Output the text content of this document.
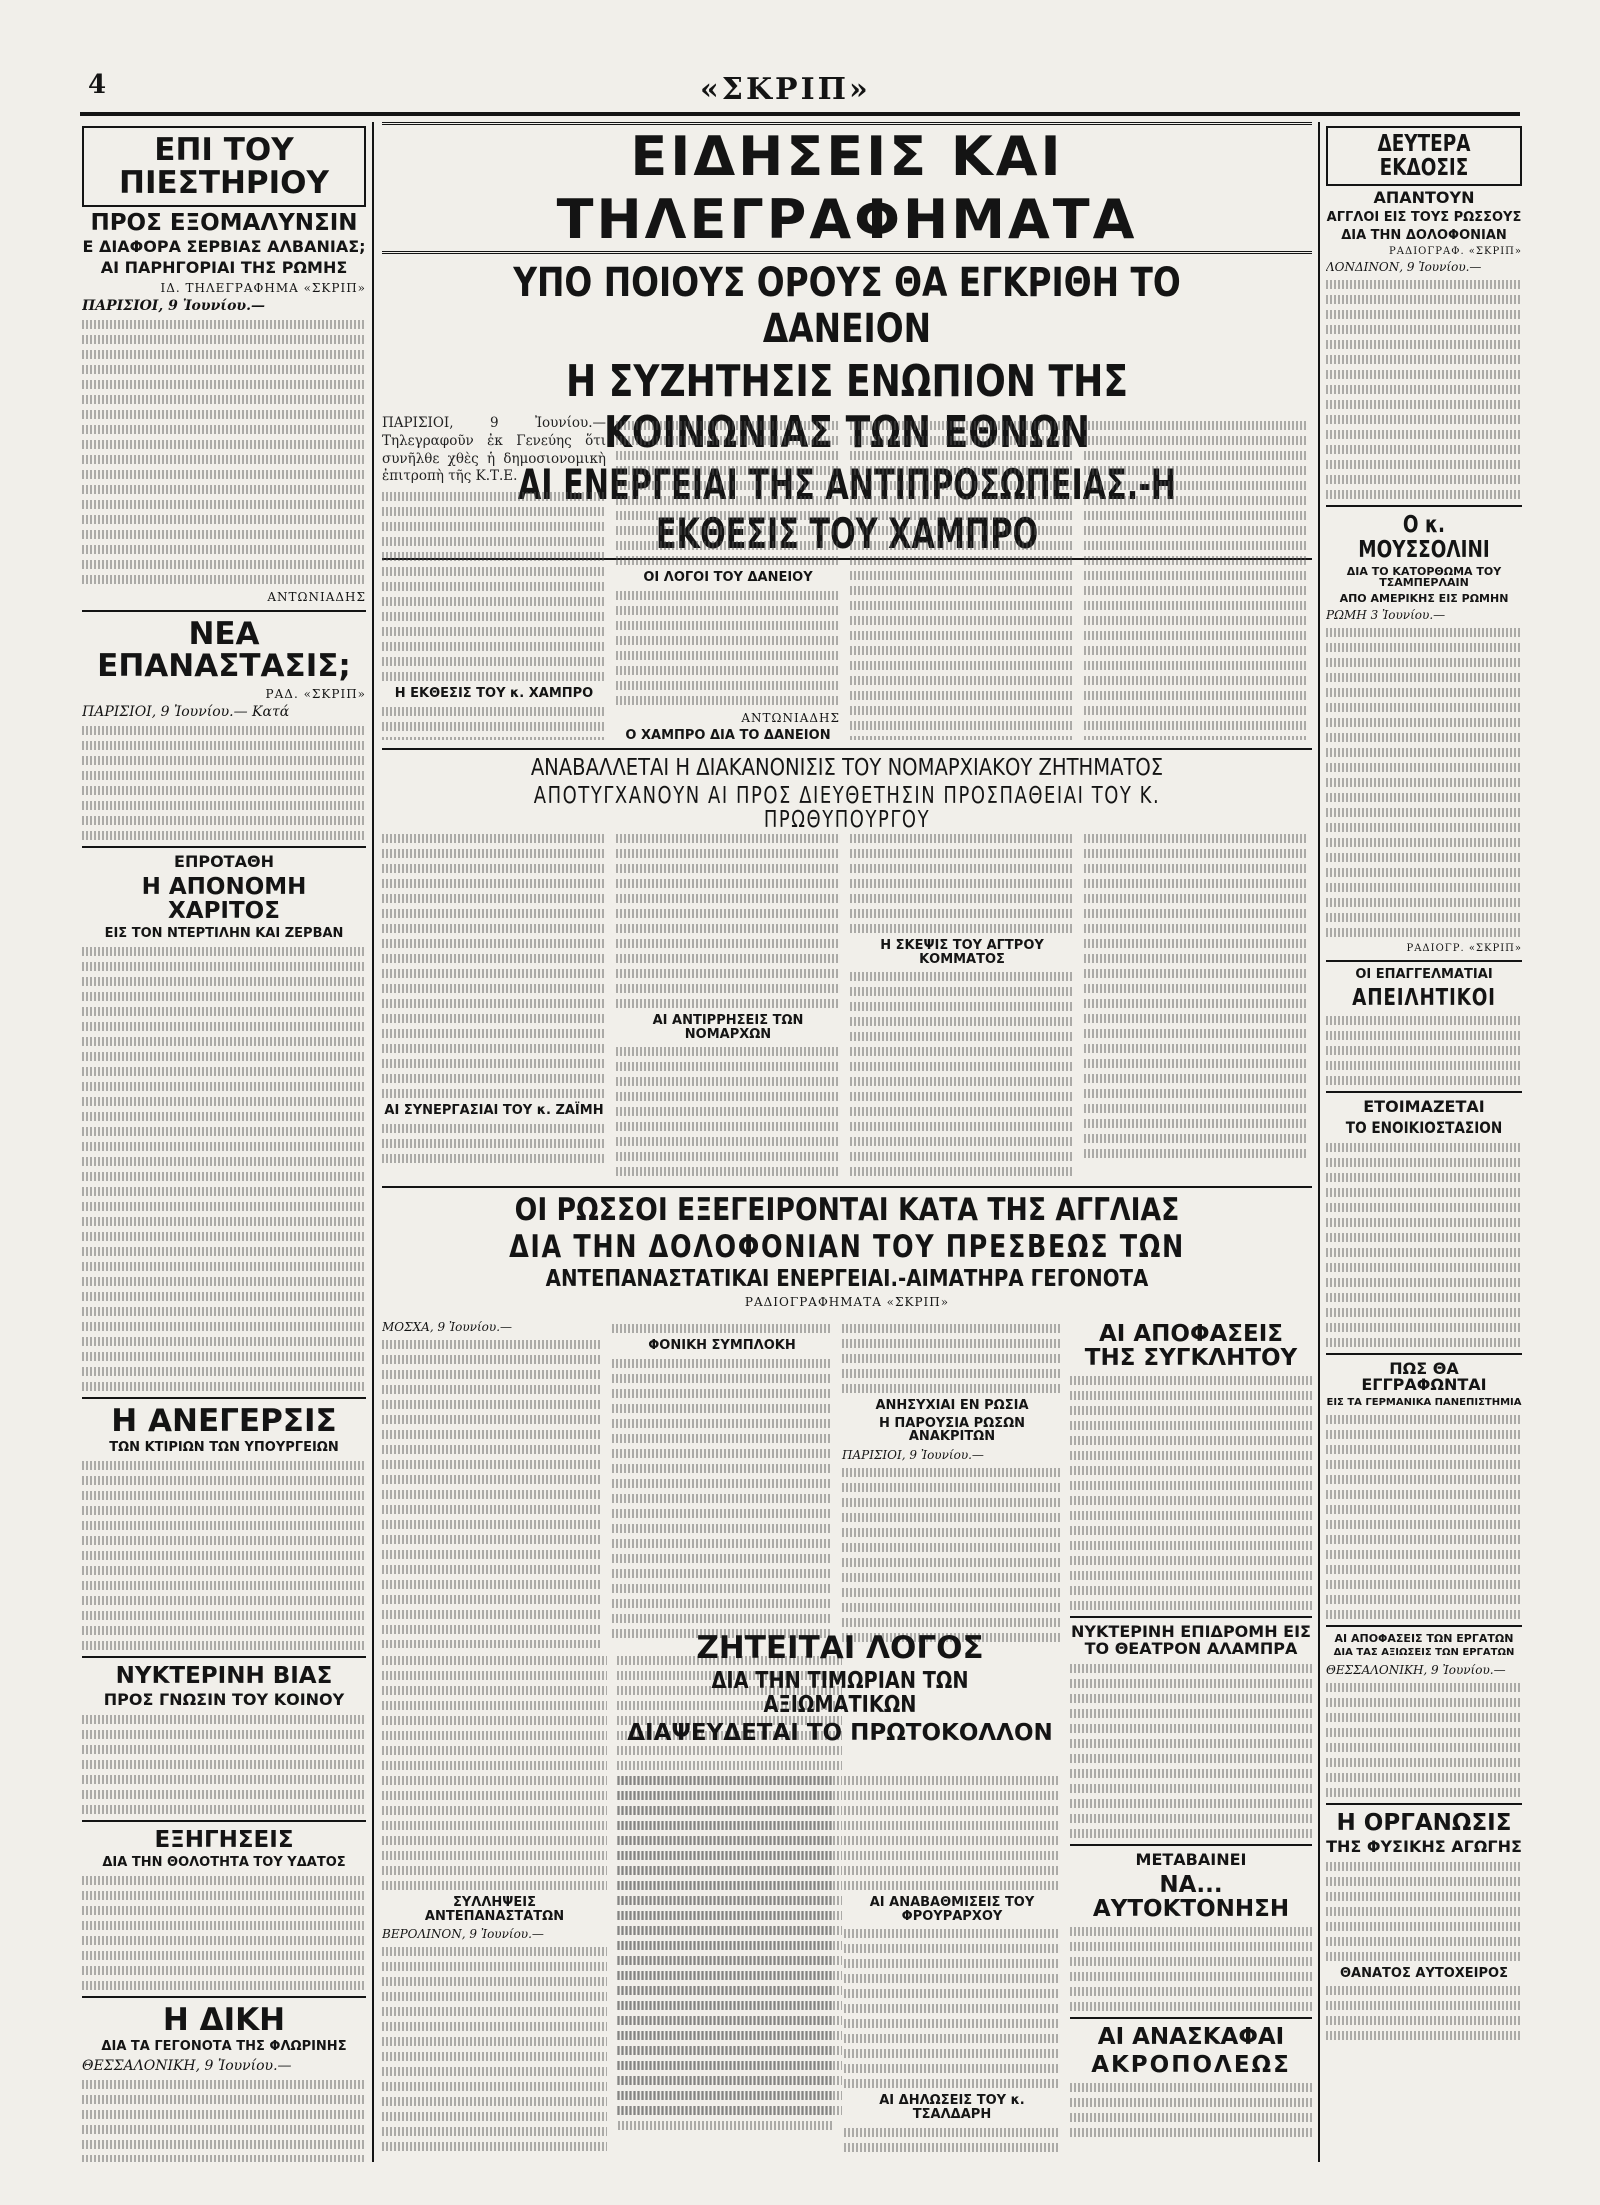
4	«ΣΚΡΙΠ»
ΕΠΙ ΤΟΥ ΠΙΕΣΤΗΡΙΟΥ
ΠΡΟΣ ΕΞΟΜΑΛΥΝΣΙΝ
Ε ΔΙΑΦΟΡΑ ΣΕΡΒΙΑΣ ΑΛΒΑΝΙΑΣ;
ΑΙ ΠΑΡΗΓΟΡΙΑΙ ΤΗΣ ΡΩΜΗΣ
ΙΔ. ΤΗΛΕΓΡΑΦΗΜΑ «ΣΚΡΙΠ»
ΠΑΡΙΣΙΟΙ, 9 Ἰουνίου.—
ΑΝΤΩΝΙΑΔΗΣ
ΝΕΑ ΕΠΑΝΑΣΤΑΣΙΣ;
ΡΑΔ. «ΣΚΡΙΠ»
ΠΑΡΙΣΙΟΙ, 9 Ἰουνίου.— Κατά
ΕΠΡΟΤΑΘΗ
Η ΑΠΟΝΟΜΗ ΧΑΡΙΤΟΣ
ΕΙΣ ΤΟΝ ΝΤΕΡΤΙΛΗΝ ΚΑΙ ΖΕΡΒΑΝ
Η ΑΝΕΓΕΡΣΙΣ
ΤΩΝ ΚΤΙΡΙΩΝ ΤΩΝ ΥΠΟΥΡΓΕΙΩΝ
ΝΥΚΤΕΡΙΝΗ ΒΙΑΣ
ΠΡΟΣ ΓΝΩΣΙΝ ΤΟΥ ΚΟΙΝΟΥ
ΕΞΗΓΗΣΕΙΣ
ΔΙΑ ΤΗΝ ΘΟΛΟΤΗΤΑ ΤΟΥ ΥΔΑΤΟΣ
Η ΔΙΚΗ
ΔΙΑ ΤΑ ΓΕΓΟΝΟΤΑ ΤΗΣ ΦΛΩΡΙΝΗΣ
ΘΕΣΣΑΛΟΝΙΚΗ, 9 Ἰουνίου.—
ΕΙΔΗΣΕΙΣ ΚΑΙ ΤΗΛΕΓΡΑΦΗΜΑΤΑ
ΥΠΟ ΠΟΙΟΥΣ ΟΡΟΥΣ ΘΑ ΕΓΚΡΙΘΗ ΤΟ ΔΑΝΕΙΟΝ
Η ΣΥΖΗΤΗΣΙΣ ΕΝΩΠΙΟΝ ΤΗΣ ΚΟΙΝΩΝΙΑΣ ΤΩΝ ΕΘΝΩΝ
ΑΙ ΕΝΕΡΓΕΙΑΙ ΤΗΣ ΑΝΤΙΠΡΟΣΩΠΕΙΑΣ.-Η ΕΚΘΕΣΙΣ ΤΟΥ ΧΑΜΠΡΟ

ΠΑΡΙΣΙΟΙ, 9 Ἰουνίου.— Τηλεγραφοῦν ἐκ Γενεύης ὅτι συνῆλθε χθὲς ἡ δημοσιονομικὴ ἐπιτροπὴ τῆς Κ.Τ.Ε.

Η ΕΚΘΕΣΙΣ ΤΟΥ κ. ΧΑΜΠΡΟ
ΟΙ ΛΟΓΟΙ ΤΟΥ ΔΑΝΕΙΟΥ
ΑΝΤΩΝΙΑΔΗΣ
Ο ΧΑΜΠΡΟ ΔΙΑ ΤΟ ΔΑΝΕΙΟΝ
ΑΝΑΒΑΛΛΕΤΑΙ Η ΔΙΑΚΑΝΟΝΙΣΙΣ ΤΟΥ ΝΟΜΑΡΧΙΑΚΟΥ ΖΗΤΗΜΑΤΟΣ
ΑΠΟΤΥΓΧΑΝΟΥΝ ΑΙ ΠΡΟΣ ΔΙΕΥΘΕΤΗΣΙΝ ΠΡΟΣΠΑΘΕΙΑΙ ΤΟΥ Κ. ΠΡΩΘΥΠΟΥΡΓΟΥ
ΑΙ ΣΥΝΕΡΓΑΣΙΑΙ ΤΟΥ κ. ΖΑΪΜΗ
ΑΙ ΑΝΤΙΡΡΗΣΕΙΣ ΤΩΝ ΝΟΜΑΡΧΩΝ
Η ΣΚΕΨΙΣ ΤΟΥ ΑΓΤΡΟΥ ΚΟΜΜΑΤΟΣ
ΟΙ ΡΩΣΣΟΙ ΕΞΕΓΕΙΡΟΝΤΑΙ ΚΑΤΑ ΤΗΣ ΑΓΓΛΙΑΣ
ΔΙΑ ΤΗΝ ΔΟΛΟΦΟΝΙΑΝ ΤΟΥ ΠΡΕΣΒΕΩΣ ΤΩΝ
ΑΝΤΕΠΑΝΑΣΤΑΤΙΚΑΙ ΕΝΕΡΓΕΙΑΙ.-ΑΙΜΑΤΗΡΑ ΓΕΓΟΝΟΤΑ
ΡΑΔΙΟΓΡΑΦΗΜΑΤΑ «ΣΚΡΙΠ»
ΜΟΣΧΑ, 9 Ἰουνίου.—
ΦΟΝΙΚΗ ΣΥΜΠΛΟΚΗ
ΑΝΗΣΥΧΙΑΙ ΕΝ ΡΩΣΙΑ
Η ΠΑΡΟΥΣΙΑ ΡΩΣΩΝ ΑΝΑΚΡΙΤΩΝ
ΠΑΡΙΣΙΟΙ, 9 Ἰουνίου.—
ΣΥΛΛΗΨΕΙΣ ΑΝΤΕΠΑΝΑΣΤΑΤΩΝ
ΒΕΡΟΛΙΝΟΝ, 9 Ἰουνίου.—
ΖΗΤΕΙΤΑΙ ΛΟΓΟΣ
ΔΙΑ ΤΗΝ ΤΙΜΩΡΙΑΝ ΤΩΝ ΑΞΙΩΜΑΤΙΚΩΝ
ΔΙΑΨΕΥΔΕΤΑΙ ΤΟ ΠΡΩΤΟΚΟΛΛΟΝ
ΑΙ ΑΝΑΒΑΘΜΙΣΕΙΣ ΤΟΥ ΦΡΟΥΡΑΡΧΟΥ
ΑΙ ΔΗΛΩΣΕΙΣ ΤΟΥ κ. ΤΣΑΛΔΑΡΗ
ΑΙ ΑΠΟΦΑΣΕΙΣ ΤΗΣ ΣΥΓΚΛΗΤΟΥ
ΝΥΚΤΕΡΙΝΗ ΕΠΙΔΡΟΜΗ ΕΙΣ ΤΟ ΘΕΑΤΡΟΝ ΑΛΑΜΠΡΑ
ΜΕΤΑΒΑΙΝΕΙ
ΝΑ... ΑΥΤΟΚΤΟΝΗΣΗ
ΑΙ ΑΝΑΣΚΑΦΑΙ
ΑΚΡΟΠΟΛΕΩΣ
ΔΕΥΤΕΡΑ ΕΚΔΟΣΙΣ
ΑΠΑΝΤΟΥΝ
ΑΓΓΛΟΙ ΕΙΣ ΤΟΥΣ ΡΩΣΣΟΥΣ
ΔΙΑ ΤΗΝ ΔΟΛΟΦΟΝΙΑΝ
ΡΑΔΙΟΓΡΑΦ. «ΣΚΡΙΠ»
ΛΟΝΔΙΝΟΝ, 9 Ἰουνίου.—
Ο κ. ΜΟΥΣΣΟΛΙΝΙ
ΔΙΑ ΤΟ ΚΑΤΟΡΘΩΜΑ ΤΟΥ ΤΣΑΜΠΕΡΛΑΙΝ
ΑΠΟ ΑΜΕΡΙΚΗΣ ΕΙΣ ΡΩΜΗΝ
ΡΩΜΗ 3 Ἰουνίου.—
ΡΑΔΙΟΓΡ. «ΣΚΡΙΠ»
ΟΙ ΕΠΑΓΓΕΛΜΑΤΙΑΙ
ΑΠΕΙΛΗΤΙΚΟΙ
ΕΤΟΙΜΑΖΕΤΑΙ
ΤΟ ΕΝΟΙΚΙΟΣΤΑΣΙΟΝ
ΠΩΣ ΘΑ ΕΓΓΡΑΦΩΝΤΑΙ
ΕΙΣ ΤΑ ΓΕΡΜΑΝΙΚΑ ΠΑΝΕΠΙΣΤΗΜΙΑ
ΑΙ ΑΠΟΦΑΣΕΙΣ ΤΩΝ ΕΡΓΑΤΩΝ
ΔΙΑ ΤΑΣ ΑΞΙΩΣΕΙΣ ΤΩΝ ΕΡΓΑΤΩΝ
ΘΕΣΣΑΛΟΝΙΚΗ, 9 Ἰουνίου.—
Η ΟΡΓΑΝΩΣΙΣ
ΤΗΣ ΦΥΣΙΚΗΣ ΑΓΩΓΗΣ
ΘΑΝΑΤΟΣ ΑΥΤΟΧΕΙΡΟΣ
